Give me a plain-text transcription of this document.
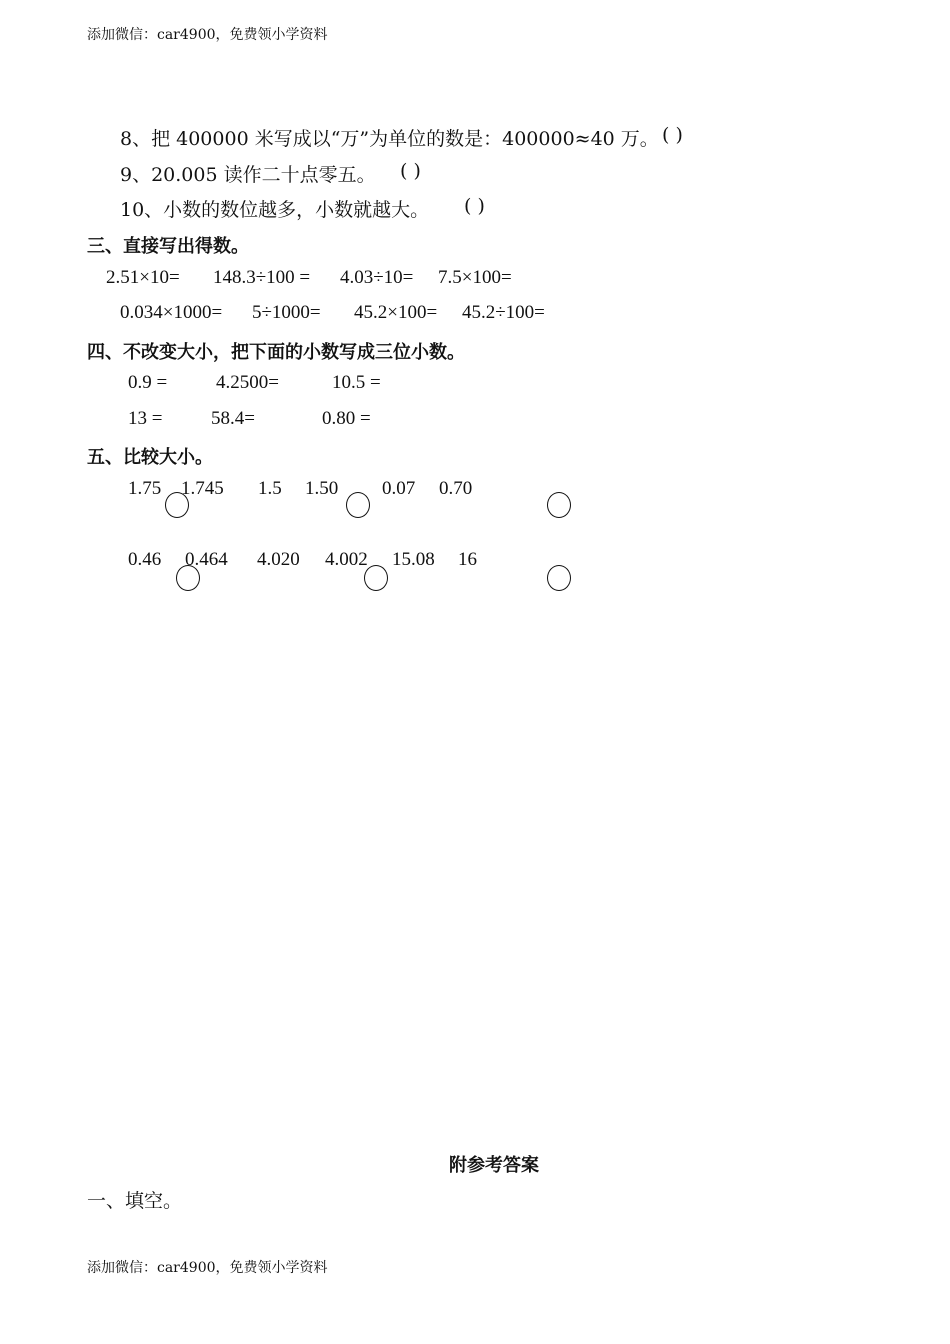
添加微信：car4900，免费领小学资料
8、把 400000 米写成以“万”为单位的数是：400000≈40 万。 ( )
9、20.005 读作二十点零五。 ( )
10、小数的数位越多，小数就越大。 ( )
三、直接写出得数。
2.51×10= 148.3÷100 = 4.03÷10= 7.5×100=
0.034×1000= 5÷1000= 45.2×100= 45.2÷100=
四、不改变大小，把下面的小数写成三位小数。
0.9 =	4.2500=	10.5 =
13 =	58.4=	0.80 =
五、比较大小。
1.75 1.745 1.5 1.50 0.07 0.70
0.46 0.464 4.020 4.002 15.08 16
附参考答案
一、填空。
添加微信：car4900，免费领小学资料
